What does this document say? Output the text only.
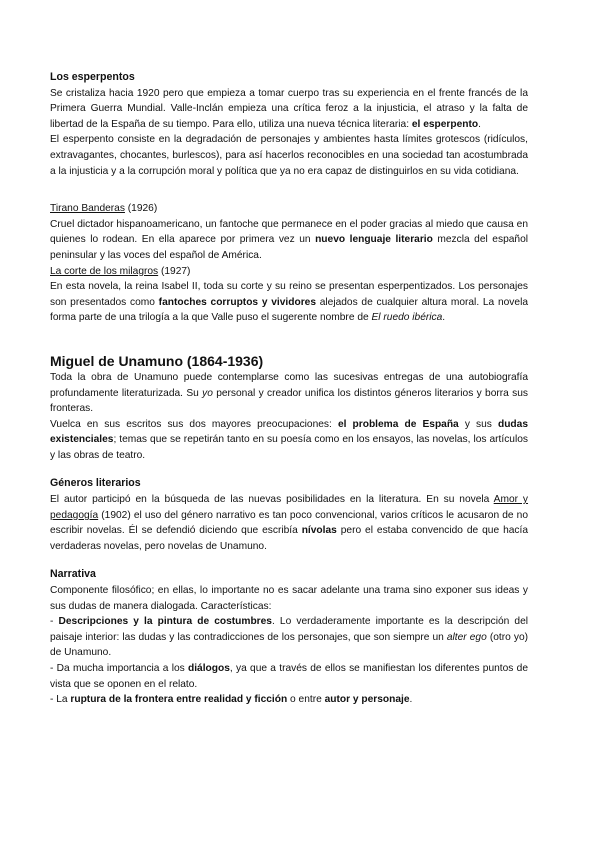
Los esperpentos

Se cristaliza hacia 1920 pero que empieza a tomar cuerpo tras su experiencia en el frente francés de la Primera Guerra Mundial. Valle-Inclán empieza una crítica feroz a la injusticia, el atraso y la falta de libertad de la España de su tiempo. Para ello, utiliza una nueva técnica literaria: el esperpento.

El esperpento consiste en la degradación de personajes y ambientes hasta límites grotescos (ridículos, extravagantes, chocantes, burlescos), para así hacerlos reconocibles en una sociedad tan acostumbrada a la injusticia y a la corrupción moral y política que ya no era capaz de distinguirlos en su vida cotidiana.

Tirano Banderas (1926)

Cruel dictador hispanoamericano, un fantoche que permanece en el poder gracias al miedo que causa en quienes lo rodean. En ella aparece por primera vez un nuevo lenguaje literario mezcla del español peninsular y las voces del español de América.

La corte de los milagros (1927)

En esta novela, la reina Isabel II, toda su corte y su reino se presentan esperpentizados. Los personajes son presentados como fantoches corruptos y vividores alejados de cualquier altura moral. La novela forma parte de una trilogía a la que Valle puso el sugerente nombre de El ruedo ibérica.

Miguel de Unamuno (1864-1936)

Toda la obra de Unamuno puede contemplarse como las sucesivas entregas de una autobiografía profundamente literaturizada. Su yo personal y creador unifica los distintos géneros literarios y borra sus fronteras.

Vuelca en sus escritos sus dos mayores preocupaciones: el problema de España y sus dudas existenciales; temas que se repetirán tanto en su poesía como en los ensayos, las novelas, los artículos y las obras de teatro.

Géneros literarios

El autor participó en la búsqueda de las nuevas posibilidades en la literatura. En su novela Amor y pedagogía (1902) el uso del género narrativo es tan poco convencional, varios críticos le acusaron de no escribir novelas. Él se defendió diciendo que escribía nívolas pero el estaba convencido de que hacía verdaderas novelas, pero novelas de Unamuno.

Narrativa

Componente filosófico; en ellas, lo importante no es sacar adelante una trama sino exponer sus ideas y sus dudas de manera dialogada. Características:

- Descripciones y la pintura de costumbres. Lo verdaderamente importante es la descripción del paisaje interior: las dudas y las contradicciones de los personajes, que son siempre un alter ego (otro yo) de Unamuno.

- Da mucha importancia a los diálogos, ya que a través de ellos se manifiestan los diferentes puntos de vista que se oponen en el relato.

- La ruptura de la frontera entre realidad y ficción o entre autor y personaje.
